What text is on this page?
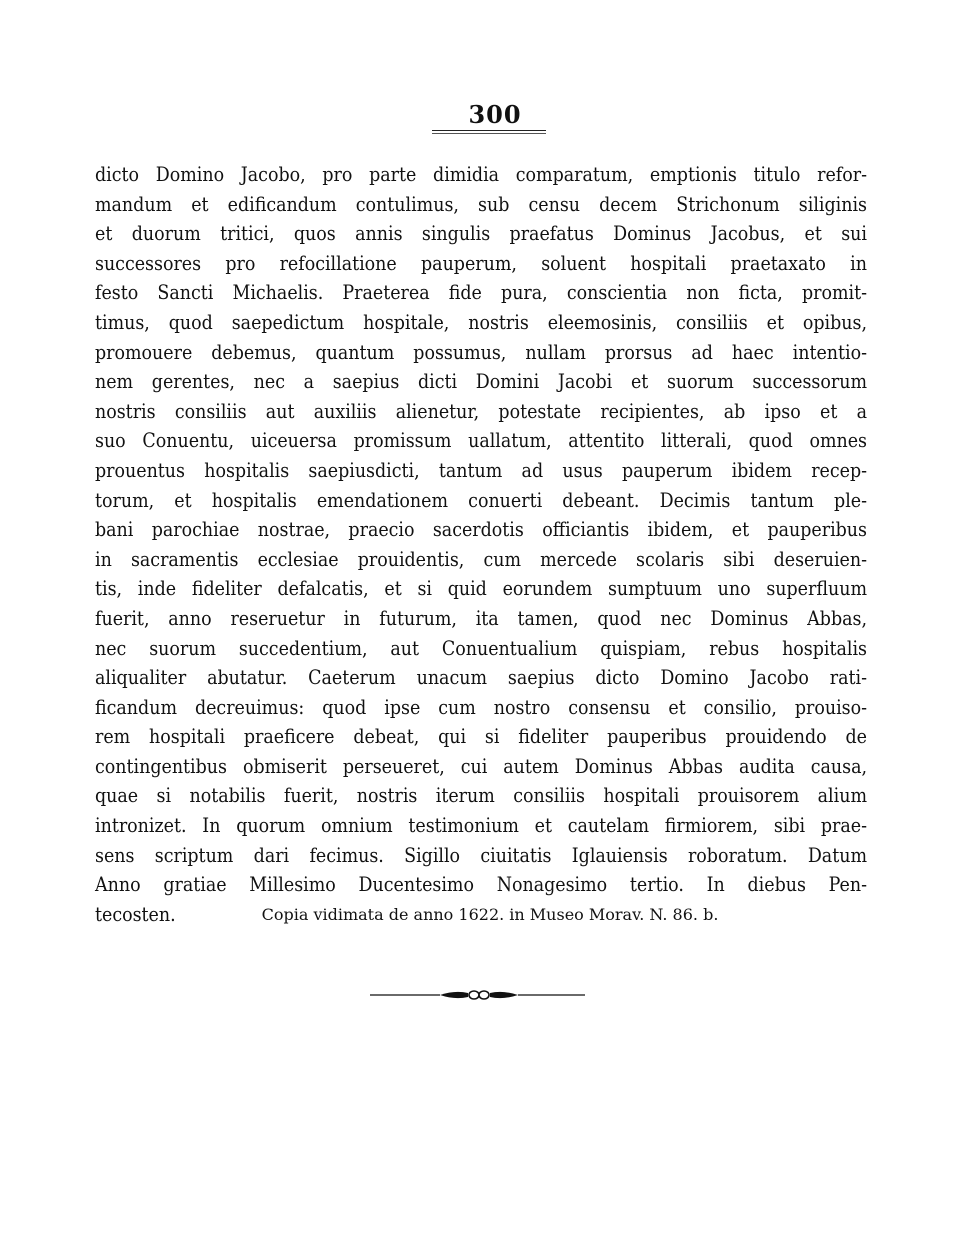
300
dicto Domino Jacobo, pro parte dimidia comparatum, emptionis titulo refor-
mandum et edificandum contulimus, sub censu decem Strichonum siliginis
et duorum tritici, quos annis singulis praefatus Dominus Jacobus, et sui
successores pro refocillatione pauperum, soluent hospitali praetaxato in
festo Sancti Michaelis. Praeterea fide pura, conscientia non ficta, promit-
timus, quod saepedictum hospitale, nostris eleemosinis, consiliis et opibus,
promouere debemus, quantum possumus, nullam prorsus ad haec intentio-
nem gerentes, nec a saepius dicti Domini Jacobi et suorum successorum
nostris consiliis aut auxiliis alienetur, potestate recipientes, ab ipso et a
suo Conuentu, uiceuersa promissum uallatum, attentito litterali, quod omnes
prouentus hospitalis saepiusdicti, tantum ad usus pauperum ibidem recep-
torum, et hospitalis emendationem conuerti debeant. Decimis tantum ple-
bani parochiae nostrae, praecio sacerdotis officiantis ibidem, et pauperibus
in sacramentis ecclesiae prouidentis, cum mercede scolaris sibi deseruien-
tis, inde fideliter defalcatis, et si quid eorundem sumptuum uno superfluum
fuerit, anno reseruetur in futurum, ita tamen, quod nec Dominus Abbas,
nec suorum succedentium, aut Conuentualium quispiam, rebus hospitalis
aliqualiter abutatur. Caeterum unacum saepius dicto Domino Jacobo rati-
ficandum decreuimus: quod ipse cum nostro consensu et consilio, prouiso-
rem hospitali praeficere debeat, qui si fideliter pauperibus prouidendo de
contingentibus obmiserit perseueret, cui autem Dominus Abbas audita causa,
quae si notabilis fuerit, nostris iterum consiliis hospitali prouisorem alium
intronizet. In quorum omnium testimonium et cautelam firmiorem, sibi prae-
sens scriptum dari fecimus. Sigillo ciuitatis Iglauiensis roboratum. Datum
Anno gratiae Millesimo Ducentesimo Nonagesimo tertio. In diebus Pen-
tecosten.	Copia vidimata de anno 1622. in Museo Morav. N. 86. b.
